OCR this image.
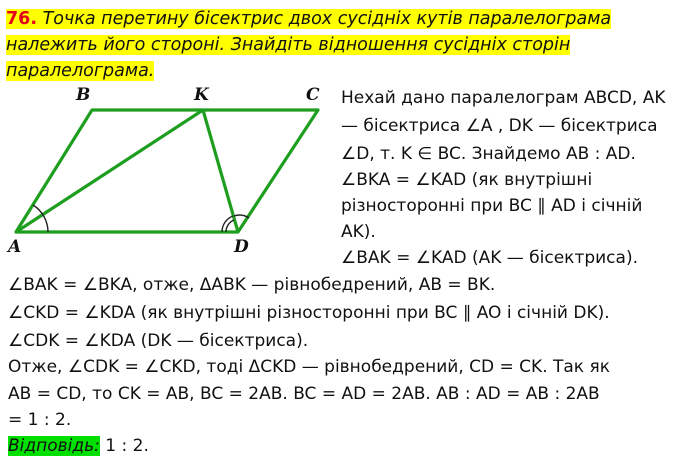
76. Точка перетину бісектрис двох сусідніх кутів паралелограма належить його стороні. Знайдіть відношення сусідніх сторін паралелограма.
B	K	C
A	D

Нехай дано паралелограм ABCD, AK

— бісектриса ∠A , DK — бісектриса

∠D, т. K ∈ BC. Знайдемо AB : AD.

∠BKA = ∠KAD (як внутрішні

різносторонні при BC ∥ AD і січній

AK).

∠BAK = ∠KAD (AK — бісектриса).

∠BAK = ∠BKA, отже, ΔABK — рівнобедрений, AB = BK.

∠CKD = ∠KDA (як внутрішні різносторонні при BC ∥ AO і січній DK).

∠CDK = ∠KDA (DK — бісектриса).

Отже, ∠CDK = ∠CKD, тоді ΔCKD — рівнобедрений, CD = CK. Так як

AB = CD, то CK = AB, BC = 2AB. BC = AD = 2AB. AB : AD = AB : 2AB

= 1 : 2.

Відповідь: 1 : 2.
